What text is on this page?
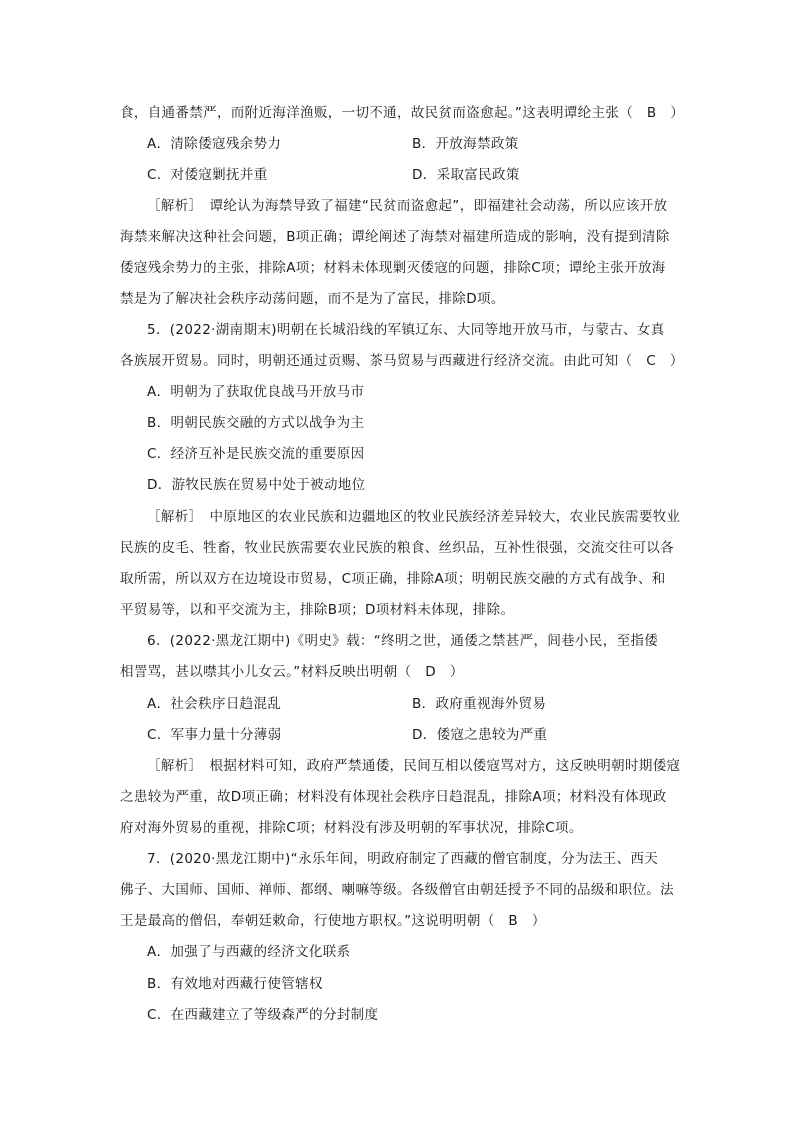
食，自通番禁严，而附近海洋渔贩，一切不通，故民贫而盗愈起。”这表明谭纶主张（　B　）
A．清除倭寇残余势力	B．开放海禁政策
C．对倭寇剿抚并重	D．采取富民政策
［解析］　谭纶认为海禁导致了福建“民贫而盗愈起”，即福建社会动荡，所以应该开放
海禁来解决这种社会问题，B项正确；谭纶阐述了海禁对福建所造成的影响，没有提到清除
倭寇残余势力的主张，排除A项；材料未体现剿灭倭寇的问题，排除C项；谭纶主张开放海
禁是为了解决社会秩序动荡问题，而不是为了富民，排除D项。
5．(2022·湖南期末)明朝在长城沿线的军镇辽东、大同等地开放马市，与蒙古、女真
各族展开贸易。同时，明朝还通过贡赐、茶马贸易与西藏进行经济交流。由此可知（　C　）
A．明朝为了获取优良战马开放马市
B．明朝民族交融的方式以战争为主
C．经济互补是民族交流的重要原因
D．游牧民族在贸易中处于被动地位
［解析］　中原地区的农业民族和边疆地区的牧业民族经济差异较大，农业民族需要牧业
民族的皮毛、牲畜，牧业民族需要农业民族的粮食、丝织品，互补性很强，交流交往可以各
取所需，所以双方在边境设市贸易，C项正确，排除A项；明朝民族交融的方式有战争、和
平贸易等，以和平交流为主，排除B项；D项材料未体现，排除。
6．(2022·黑龙江期中)《明史》载：“终明之世，通倭之禁甚严，闾巷小民，至指倭
相詈骂，甚以噤其小儿女云。”材料反映出明朝（　D　）
A．社会秩序日趋混乱	B．政府重视海外贸易
C．军事力量十分薄弱	D．倭寇之患较为严重
［解析］　根据材料可知，政府严禁通倭，民间互相以倭寇骂对方，这反映明朝时期倭寇
之患较为严重，故D项正确；材料没有体现社会秩序日趋混乱，排除A项；材料没有体现政
府对海外贸易的重视，排除C项；材料没有涉及明朝的军事状况，排除C项。
7．(2020·黑龙江期中)“永乐年间，明政府制定了西藏的僧官制度，分为法王、西天
佛子、大国师、国师、禅师、都纲、喇嘛等级。各级僧官由朝廷授予不同的品级和职位。法
王是最高的僧侣，奉朝廷敕命，行使地方职权。”这说明明朝（　B　）
A．加强了与西藏的经济文化联系
B．有效地对西藏行使管辖权
C．在西藏建立了等级森严的分封制度
